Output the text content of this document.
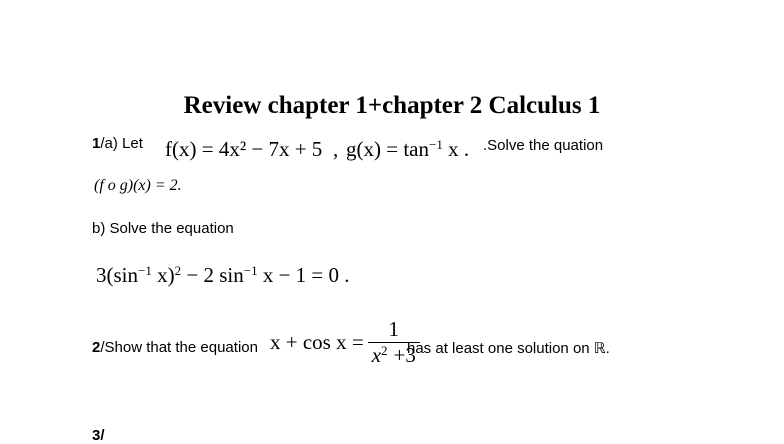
Review chapter 1+chapter 2 Calculus 1
1/a) Let f(x) = 4x² − 7x + 5 , $g(x) = \tan^{-1} x$ . .Solve the quation
(f o g)(x) = 2.
b) Solve the equation
$3(\sin^{-1}$ x)$^2$ − 2 $\sin^{-1} x - 1 = 0$ .
2/Show that the equation $x + \cos x = \frac{1}{x^2 +3}$
has at least one solution on ℝ.
3/
